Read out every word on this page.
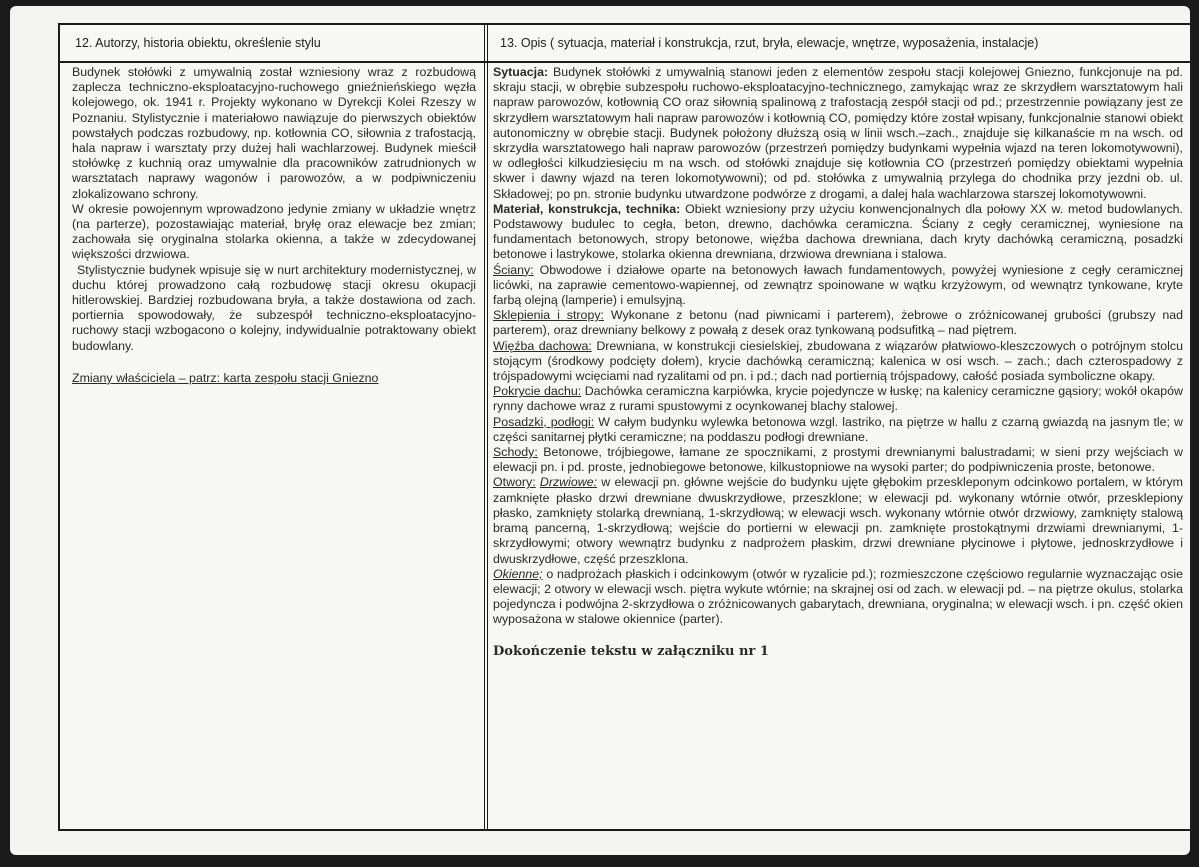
12. Autorzy, historia obiektu, określenie stylu	13. Opis ( sytuacja, materiał i konstrukcja, rzut, bryła, elewacje, wnętrze, wyposażenia, instalacje)

Budynek stołówki z umywalnią został wzniesiony wraz z rozbudową zaplecza techniczno-eksploatacyjno-ruchowego gnieźnieńskiego węzła kolejowego, ok. 1941 r. Projekty wykonano w Dyrekcji Kolei Rzeszy w Poznaniu. Stylistycznie i materiałowo nawiązuje do pierwszych obiektów powstałych podczas rozbudowy, np. kotłownia CO, siłownia z trafostacją, hala napraw i warsztaty przy dużej hali wachlarzowej. Budynek mieścił stołówkę z kuchnią oraz umywalnie dla pracowników zatrudnionych w warsztatach naprawy wagonów i parowozów, a w podpiwniczeniu zlokalizowano schrony.

W okresie powojennym wprowadzono jedynie zmiany w układzie wnętrz (na parterze), pozostawiając materiał, bryłę oraz elewacje bez zmian; zachowała się oryginalna stolarka okienna, a także w zdecydowanej większości drzwiowa.

Stylistycznie budynek wpisuje się w nurt architektury modernistycznej, w duchu której prowadzono całą rozbudowę stacji okresu okupacji hitlerowskiej. Bardziej rozbudowana bryła, a także dostawiona od zach. portiernia spowodowały, że subzespół techniczno-eksploatacyjno-ruchowy stacji wzbogacono o kolejny, indywidualnie potraktowany obiekt budowlany.

Zmiany właściciela – patrz: karta zespołu stacji Gniezno

Sytuacja: Budynek stołówki z umywalnią stanowi jeden z elementów zespołu stacji kolejowej Gniezno, funkcjonuje na pd. skraju stacji, w obrębie subzespołu ruchowo-eksploatacyjno-technicznego, zamykając wraz ze skrzydłem warsztatowym hali napraw parowozów, kotłownią CO oraz siłownią spalinową z trafostacją zespół stacji od pd.; przestrzennie powiązany jest ze skrzydłem warsztatowym hali napraw parowozów i kotłownią CO, pomiędzy które został wpisany, funkcjonalnie stanowi obiekt autonomiczny w obrębie stacji. Budynek położony dłuższą osią w linii wsch.–zach., znajduje się kilkanaście m na wsch. od skrzydła warsztatowego hali napraw parowozów (przestrzeń pomiędzy budynkami wypełnia wjazd na teren lokomotywowni), w odległości kilkudziesięciu m na wsch. od stołówki znajduje się kotłownia CO (przestrzeń pomiędzy obiektami wypełnia skwer i dawny wjazd na teren lokomotywowni); od pd. stołówka z umywalnią przylega do chodnika przy jezdni ob. ul. Składowej; po pn. stronie budynku utwardzone podwórze z drogami, a dalej hala wachlarzowa starszej lokomotywowni.

Materiał, konstrukcja, technika: Obiekt wzniesiony przy użyciu konwencjonalnych dla połowy XX w. metod budowlanych. Podstawowy budulec to cegła, beton, drewno, dachówka ceramiczna. Ściany z cegły ceramicznej, wyniesione na fundamentach betonowych, stropy betonowe, więźba dachowa drewniana, dach kryty dachówką ceramiczną, posadzki betonowe i lastrykowe, stolarka okienna drewniana, drzwiowa drewniana i stalowa.

Ściany: Obwodowe i działowe oparte na betonowych ławach fundamentowych, powyżej wyniesione z cegły ceramicznej licówki, na zaprawie cementowo-wapiennej, od zewnątrz spoinowane w wątku krzyżowym, od wewnątrz tynkowane, kryte farbą olejną (lamperie) i emulsyjną.

Sklepienia i stropy: Wykonane z betonu (nad piwnicami i parterem), żebrowe o zróżnicowanej grubości (grubszy nad parterem), oraz drewniany belkowy z powałą z desek oraz tynkowaną podsufitką – nad piętrem.

Więźba dachowa: Drewniana, w konstrukcji ciesielskiej, zbudowana z wiązarów płatwiowo-kleszczowych o potrójnym stolcu stojącym (środkowy podcięty dołem), krycie dachówką ceramiczną; kalenica w osi wsch. – zach.; dach czterospadowy z trójspadowymi wcięciami nad ryzalitami od pn. i pd.; dach nad portiernią trójspadowy, całość posiada symboliczne okapy.

Pokrycie dachu: Dachówka ceramiczna karpiówka, krycie pojedyncze w łuskę; na kalenicy ceramiczne gąsiory; wokół okapów rynny dachowe wraz z rurami spustowymi z ocynkowanej blachy stalowej.

Posadzki, podłogi: W całym budynku wylewka betonowa wzgl. lastriko, na piętrze w hallu z czarną gwiazdą na jasnym tle; w części sanitarnej płytki ceramiczne; na poddaszu podłogi drewniane.

Schody: Betonowe, trójbiegowe, łamane ze spocznikami, z prostymi drewnianymi balustradami; w sieni przy wejściach w elewacji pn. i pd. proste, jednobiegowe betonowe, kilkustopniowe na wysoki parter; do podpiwniczenia proste, betonowe.

Otwory: Drzwiowe: w elewacji pn. główne wejście do budynku ujęte głębokim przeskleponym odcinkowo portalem, w którym zamknięte płasko drzwi drewniane dwuskrzydłowe, przeszklone; w elewacji pd. wykonany wtórnie otwór, przesklepiony płasko, zamknięty stolarką drewnianą, 1-skrzydłową; w elewacji wsch. wykonany wtórnie otwór drzwiowy, zamknięty stalową bramą pancerną, 1-skrzydłową; wejście do portierni w elewacji pn. zamknięte prostokątnymi drzwiami drewnianymi, 1-skrzydłowymi; otwory wewnątrz budynku z nadprożem płaskim, drzwi drewniane płycinowe i płytowe, jednoskrzydłowe i dwuskrzydłowe, część przeszklona.

Okienne; o nadprożach płaskich i odcinkowym (otwór w ryzalicie pd.); rozmieszczone częściowo regularnie wyznaczając osie elewacji; 2 otwory w elewacji wsch. piętra wykute wtórnie; na skrajnej osi od zach. w elewacji pd. – na piętrze okulus, stolarka pojedyncza i podwójna 2-skrzydłowa o zróżnicowanych gabarytach, drewniana, oryginalna; w elewacji wsch. i pn. część okien wyposażona w stalowe okiennice (parter).

Dokończenie tekstu w załączniku nr 1
